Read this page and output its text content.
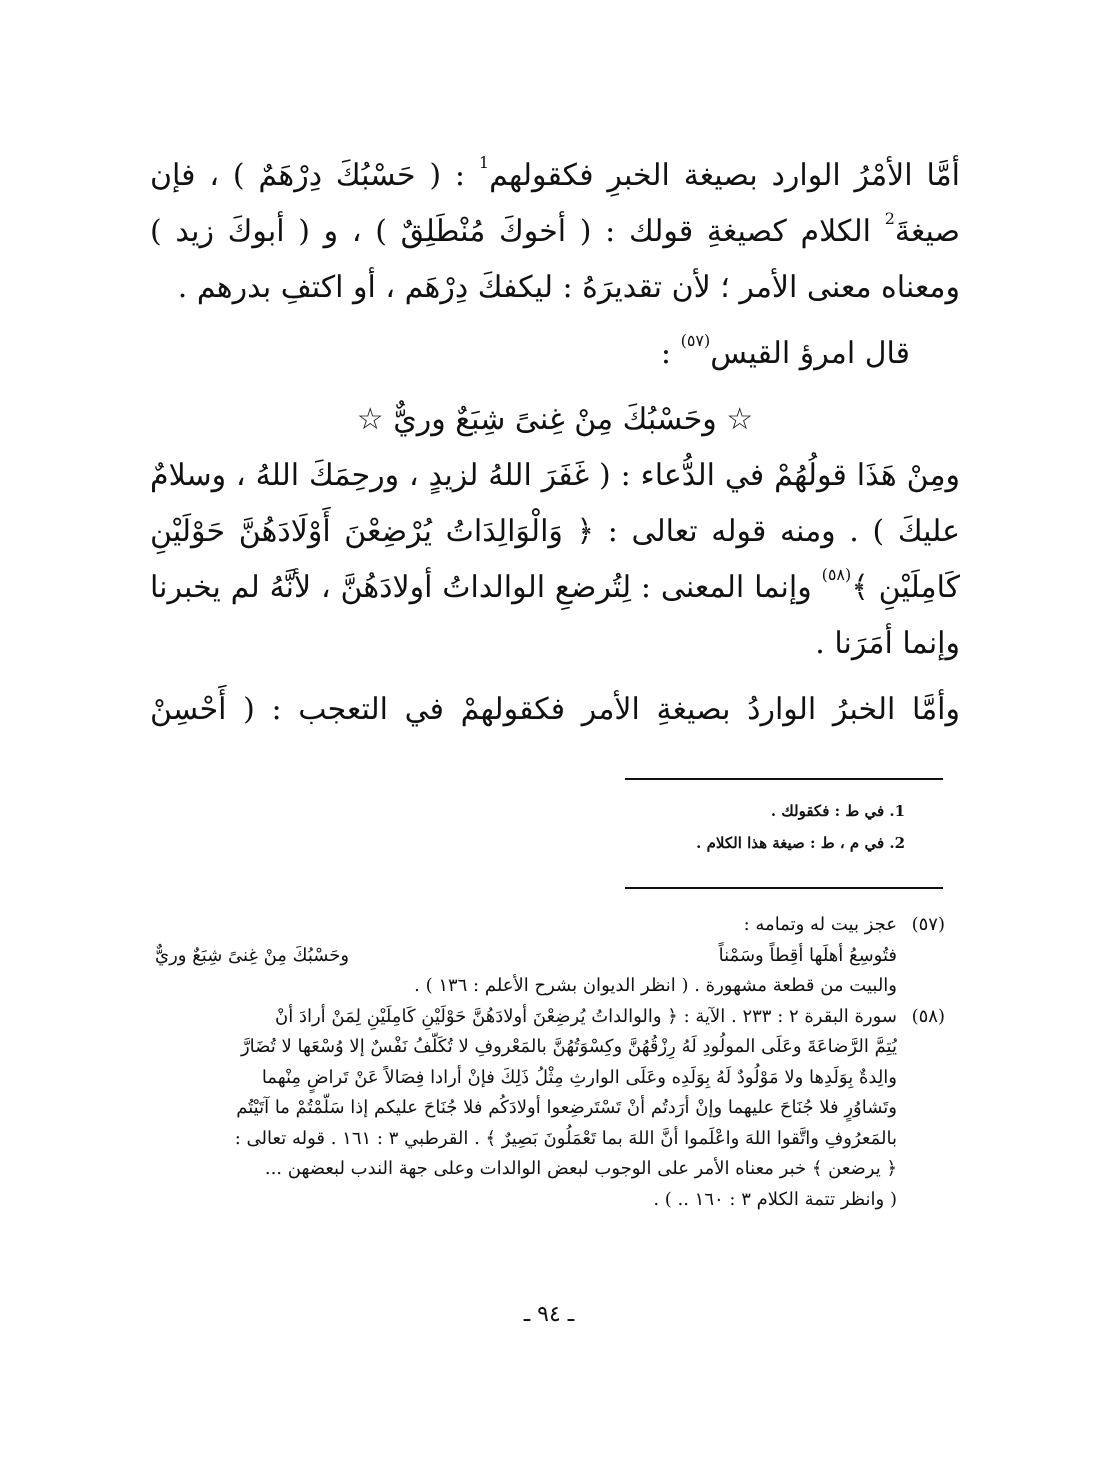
أمَّا الأمْرُ الوارد بصيغة الخبرِ فكقولهم$^1$ : ( حَسْبُكَ دِرْهَمٌ ) ، فإن
صيغةَ$^2$ الكلام كصيغةِ قولك : ( أخوكَ مُنْطَلِقٌ ) ، و ( أبوكَ زيد )
ومعناه معنى الأمر ؛ لأن تقديرَهُ : ليكفكَ دِرْهَم ، أو اكتفِ بدرهم .
قال امرؤ القيس$^{(٥٧)}$ :
☆ وحَسْبُكَ مِنْ غِنىً شِبَعٌ وريٌّ ☆
ومِنْ هَذَا قولُهُمْ في الدُّعاء : ( غَفَرَ اللهُ لزيدٍ ، ورحِمَكَ اللهُ ، وسلامٌ
عليكَ ) . ومنه قوله تعالى : ﴿ وَالْوَالِدَاتُ يُرْضِعْنَ أَوْلَادَهُنَّ حَوْلَيْنِ
كَامِلَيْنِ ﴾$^{(٥٨)}$ وإنما المعنى : لِتُرضعِ الوالداتُ أولادَهُنَّ ، لأنَّهُ لم يخبرنا
وإنما أمَرَنا .
وأمَّا الخبرُ الواردُ بصيغةِ الأمر فكقولهمْ في التعجب : ( أَحْسِنْ
1. في ط : فكقولك .
2. في م ، ط : صيغة هذا الكلام .
(٥٧)
عجز بيت له وتمامه :
فتُوسِعُ أهلَها أقِطاً وسَمْناً
وحَسْبُكَ مِنْ غِنىً شِبَعٌ وريٌّ
والبيت من قطعة مشهورة . ( انظر الديوان بشرح الأعلم : ١٣٦ ) .
(٥٨)
سورة البقرة ٢ : ٢٣٣ . الآية : ﴿ والوالداتُ يُرضِعْنَ أولادَهُنَّ حَوْلَيْنِ كَامِلَيْنِ لِمَنْ أرادَ أنْ
يُتِمَّ الرَّضاعَةَ وعَلَى المولُودِ لَهُ رِزْقُهُنَّ وكِسْوَتُهُنَّ بالمَعْروفِ لا تُكَلَّفُ نَفْسٌ إلا وُسْعَها لا تُضَارَّ
والِدةٌ بِوَلَدِها ولا مَوْلُودٌ لَهُ بِوَلَدِه وعَلَى الوارثِ مِثْلُ ذَلِكَ فإنْ أرادا فِصَالاً عَنْ تَراضٍ مِنْهما
وتَشاوُرٍ فلا جُنَاحَ عليهما وإنْ أرَدتُم أنْ تَسْتَرضِعوا أولادَكُم فلا جُنَاحَ عليكم إذا سَلَّمْتُمْ ما آتَيْتُم
بالمَعرُوفِ واتَّقوا اللهَ واعْلَموا أنَّ اللهَ بما تَعْمَلُونَ بَصِيرٌ ﴾ . القرطبي ٣ : ١٦١ . قوله تعالى :
﴿ يرضعن ﴾ خبر معناه الأمر على الوجوب لبعض الوالدات وعلى جهة الندب لبعضهن ...
( وانظر تتمة الكلام ٣ : ١٦٠ .. ) .
ـ ٩٤ ـ
